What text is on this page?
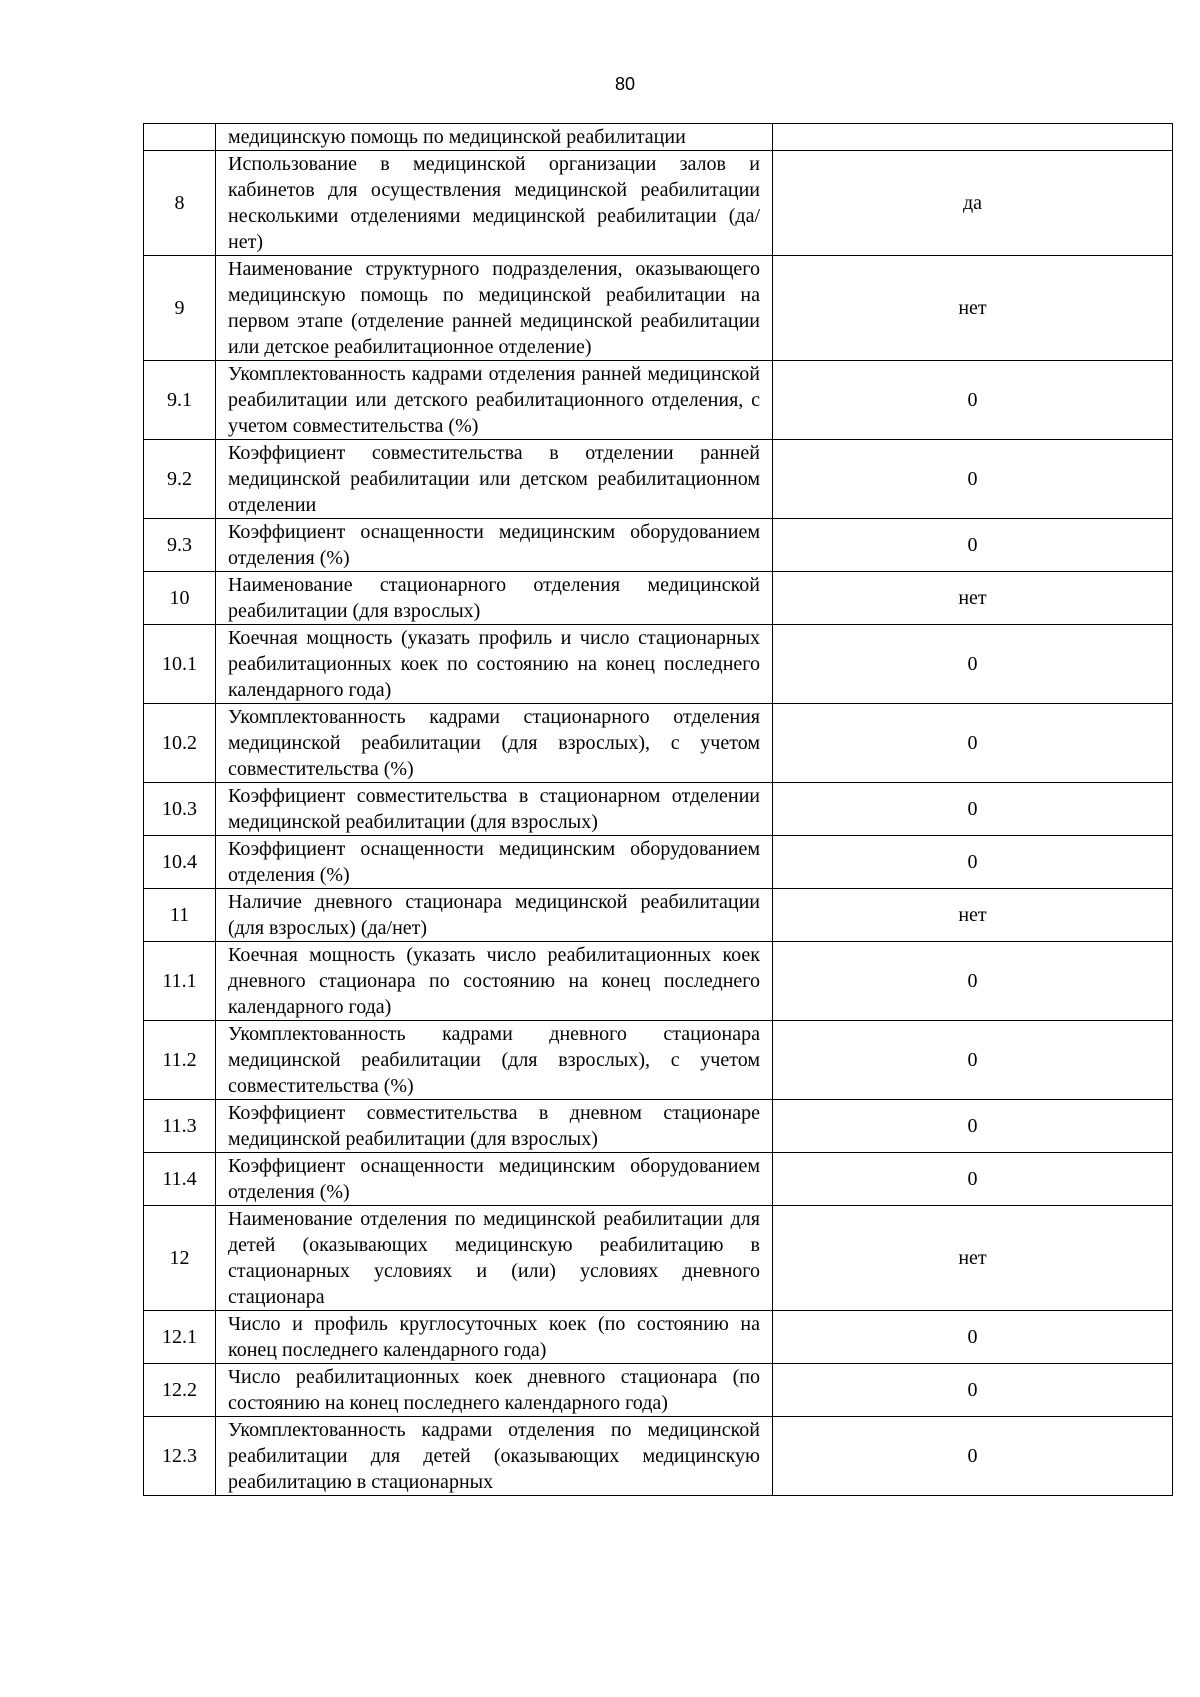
80
	медицинскую помощь по медицинской реабилитации	
8	Использование в медицинской организации залов и кабинетов для осуществления медицинской реабилитации несколькими отделениями медицинской реабилитации (да/нет)	да
9	Наименование структурного подразделения, оказывающего медицинскую помощь по медицинской реабилитации на первом этапе (отделение ранней медицинской реабилитации или детское реабилитационное отделение)	нет
9.1	Укомплектованность кадрами отделения ранней медицинской реабилитации или детского реабилитационного отделения, с учетом совместительства (%)	0
9.2	Коэффициент совместительства в отделении ранней медицинской реабилитации или детском реабилитационном отделении	0
9.3	Коэффициент оснащенности медицинским оборудованием отделения (%)	0
10	Наименование стационарного отделения медицинской реабилитации (для взрослых)	нет
10.1	Коечная мощность (указать профиль и число стационарных реабилитационных коек по состоянию на конец последнего календарного года)	0
10.2	Укомплектованность кадрами стационарного отделения медицинской реабилитации (для взрослых), с учетом совместительства (%)	0
10.3	Коэффициент совместительства в стационарном отделении медицинской реабилитации (для взрослых)	0
10.4	Коэффициент оснащенности медицинским оборудованием отделения (%)	0
11	Наличие дневного стационара медицинской реабилитации (для взрослых) (да/нет)	нет
11.1	Коечная мощность (указать число реабилитационных коек дневного стационара по состоянию на конец последнего календарного года)	0
11.2	Укомплектованность кадрами дневного стационара медицинской реабилитации (для взрослых), с учетом совместительства (%)	0
11.3	Коэффициент совместительства в дневном стационаре медицинской реабилитации (для взрослых)	0
11.4	Коэффициент оснащенности медицинским оборудованием отделения (%)	0
12	Наименование отделения по медицинской реабилитации для детей (оказывающих медицинскую реабилитацию в стационарных условиях и (или) условиях дневного стационара	нет
12.1	Число и профиль круглосуточных коек (по состоянию на конец последнего календарного года)	0
12.2	Число реабилитационных коек дневного стационара (по состоянию на конец последнего календарного года)	0
12.3	Укомплектованность кадрами отделения по медицинской реабилитации для детей (оказывающих медицинскую реабилитацию в стационарных	0
